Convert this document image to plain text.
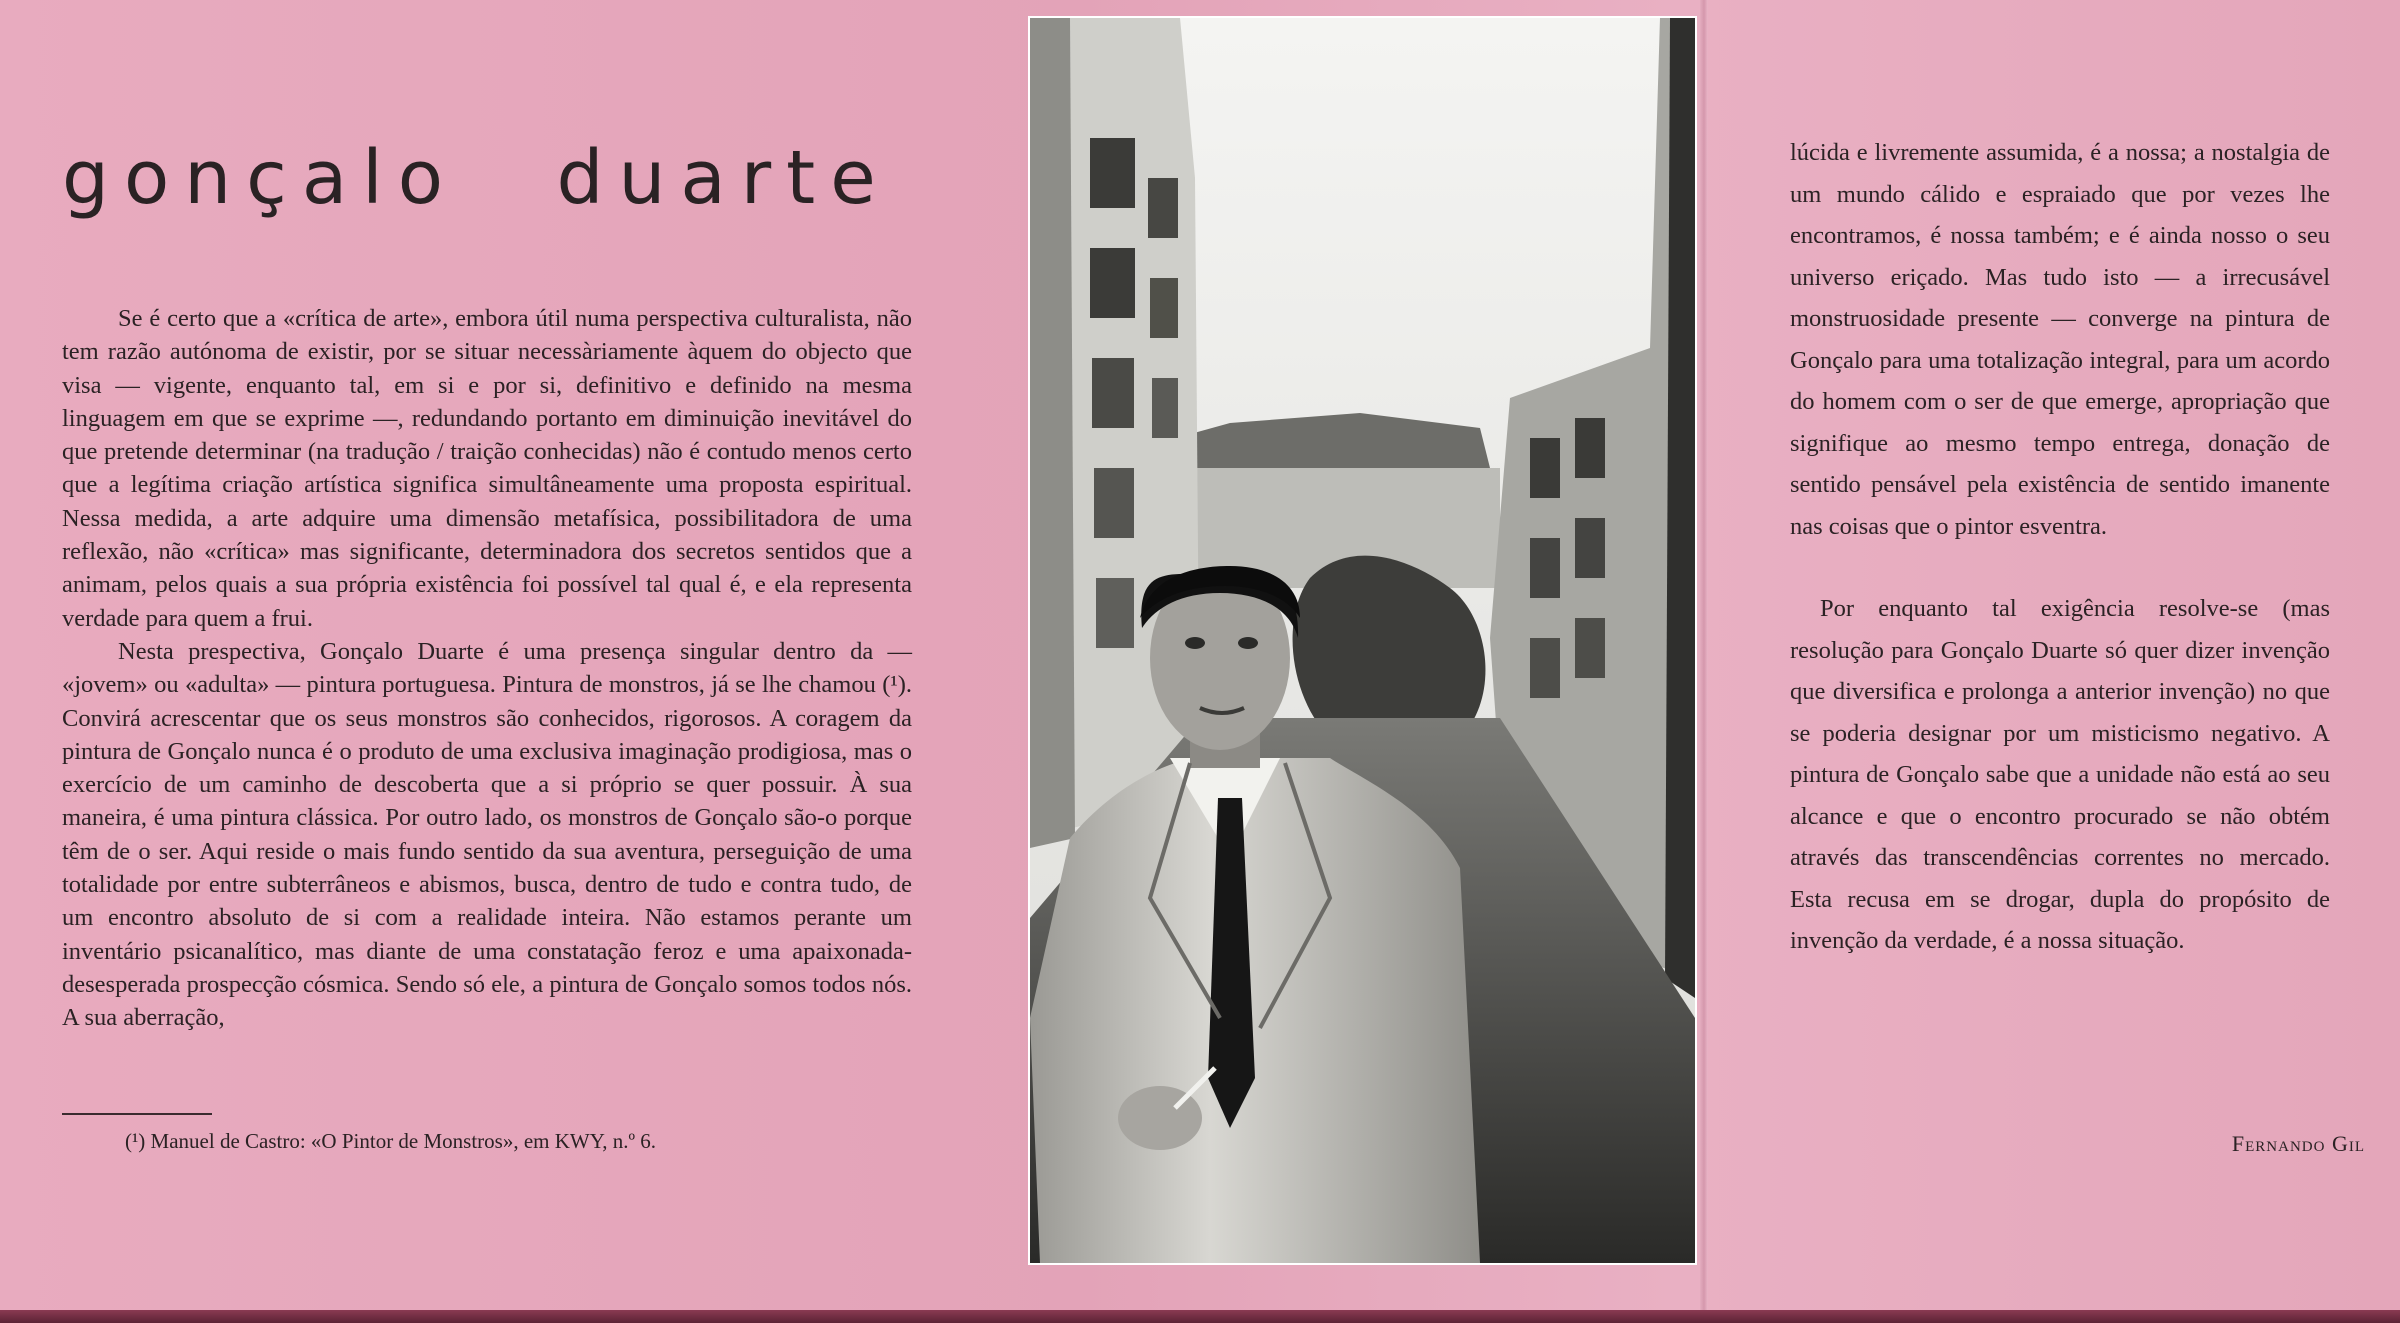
gonçalo duarte

Se é certo que a «crítica de arte», embora útil numa perspectiva culturalista, não tem razão autónoma de existir, por se situar necessàriamente àquem do objecto que visa — vigente, enquanto tal, em si e por si, definitivo e definido na mesma linguagem em que se exprime —, redundando portanto em diminuição inevitável do que pretende determinar (na tradução / traição conhecidas) não é contudo menos certo que a legítima criação artística significa simultâneamente uma proposta espiritual. Nessa medida, a arte adquire uma dimensão metafísica, possibilitadora de uma reflexão, não «crítica» mas significante, determinadora dos secretos sentidos que a animam, pelos quais a sua própria existência foi possível tal qual é, e ela representa verdade para quem a frui.

Nesta prespectiva, Gonçalo Duarte é uma presença singular dentro da — «jovem» ou «adulta» — pintura portuguesa. Pintura de monstros, já se lhe chamou (¹). Convirá acrescentar que os seus monstros são conhecidos, rigorosos. A coragem da pintura de Gonçalo nunca é o produto de uma exclusiva imaginação prodigiosa, mas o exercício de um caminho de descoberta que a si próprio se quer possuir. À sua maneira, é uma pintura clássica. Por outro lado, os monstros de Gonçalo são-o porque têm de o ser. Aqui reside o mais fundo sentido da sua aventura, perseguição de uma totalidade por entre subterrâneos e abismos, busca, dentro de tudo e contra tudo, de um encontro absoluto de si com a realidade inteira. Não estamos perante um inventário psicanalítico, mas diante de uma constatação feroz e uma apaixonada-desesperada prospecção cósmica. Sendo só ele, a pintura de Gonçalo somos todos nós. A sua aberração,

(¹) Manuel de Castro: «O Pintor de Monstros», em KWY, n.º 6.

lúcida e livremente assumida, é a nossa; a nostalgia de um mundo cálido e espraiado que por vezes lhe encontramos, é nossa também; e é ainda nosso o seu universo eriçado. Mas tudo isto — a irrecusável monstruosidade presente — converge na pintura de Gonçalo para uma totalização integral, para um acordo do homem com o ser de que emerge, apropriação que signifique ao mesmo tempo entrega, donação de sentido pensável pela existência de sentido imanente nas coisas que o pintor esventra.

Por enquanto tal exigência resolve-se (mas resolução para Gonçalo Duarte só quer dizer invenção que diversifica e prolonga a anterior invenção) no que se poderia designar por um misticismo negativo. A pintura de Gonçalo sabe que a unidade não está ao seu alcance e que o encontro procurado se não obtém através das transcendências correntes no mercado. Esta recusa em se drogar, dupla do propósito de invenção da verdade, é a nossa situação.

Fernando Gil
